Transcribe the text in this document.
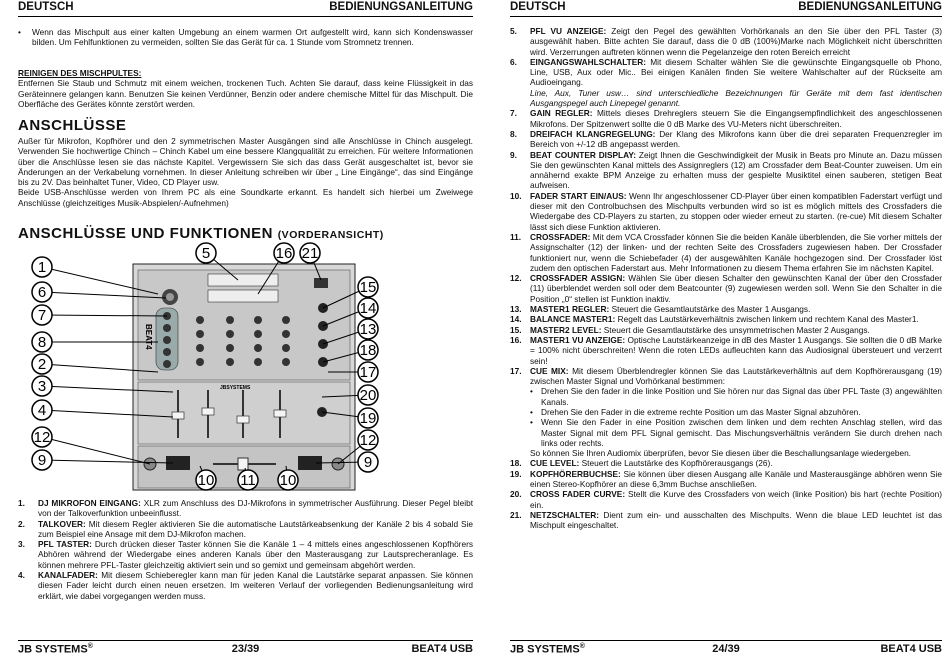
DEUTSCH	BEDIENUNGSANLEITUNG
•	Wenn das Mischpult aus einer kalten Umgebung an einem warmen Ort aufgestellt wird, kann sich Kondenswasser bilden. Um Fehlfunktionen zu vermeiden, sollten Sie das Gerät für ca. 1 Stunde vom Stromnetz trennen.
REINIGEN DES MISCHPULTES:
Entfernen Sie Staub und Schmutz mit einem weichen, trockenen Tuch. Achten Sie darauf, dass keine Flüssigkeit in das Geräteinnere gelangen kann. Benutzen Sie keinen Verdünner, Benzin oder andere chemische Mittel für das Mischpult. Die Oberfläche des Gerätes könnte zerstört werden.
ANSCHLÜSSE
Außer für Mikrofon, Kopfhörer und den 2 symmetrischen Master Ausgängen sind alle Anschlüsse in Chinch ausgelegt. Verwenden Sie hochwertige Chinch – Chinch Kabel um eine bessere Klangqualität zu erreichen. Für weitere Informationen über die Anschlüsse lesen sie das nächste Kapitel. Vergewissern Sie sich das dass Gerät ausgeschaltet ist, bevor sie Änderungen an der Verkabelung vornehmen. In dieser Anleitung schreiben wir über „ Line Eingänge“, das sind Eingänge bis zu 2V. Das beinhaltet Tuner, Video, CD Player usw.
Beide USB-Anschlüsse werden von Ihrem PC als eine Soundkarte erkannt. Es handelt sich hierbei um Zweiwege Anschlüsse (gleichzeitiges Musik-Abspielen/-Aufnehmen)
ANSCHLÜSSE UND FUNKTIONEN (VORDERANSICHT)
JBSYSTEMS
BEAT4
1
6
7
8
2
3
4
12
9
5	16 21
15
14
13
18
17
20
19
12
9
10 11 10
1. DJ MIKROFON EINGANG: XLR zum Anschluss des DJ-Mikrofons in symmetrischer Ausführung. Dieser Pegel bleibt von der Talkoverfunktion unbeeinflusst.
2. TALKOVER: Mit diesem Regler aktivieren Sie die automatische Lautstärkeabsenkung der Kanäle 2 bis 4 sobald Sie zum Beispiel eine Ansage mit dem DJ-Mikrofon machen.
3. PFL TASTER: Durch drücken dieser Taster können Sie die Kanäle 1 – 4 mittels eines angeschlossenen Kopfhörers Abhören während der Wiedergabe eines anderen Kanals über den Masterausgang zur Lautsprecheranlage. Es können mehrere PFL-Taster gleichzeitig aktiviert sein und so gemixt und gemeinsam abgehört werden.
4. KANALFADER: Mit diesem Schieberegler kann man für jeden Kanal die Lautstärke separat anpassen. Sie können diesen Fader leicht durch einen neuen ersetzen. Im weiteren Verlauf der vorliegenden Bedienungsanleitung wird erklärt, wie dabei vorgegangen werden muss.
JB SYSTEMS®	23/39	BEAT4 USB
DEUTSCH	BEDIENUNGSANLEITUNG
5. PFL VU ANZEIGE: Zeigt den Pegel des gewählten Vorhörkanals an den Sie über den PFL Taster (3) ausgewählt haben. Bitte achten Sie darauf, dass die 0 dB (100%)Marke nach Möglichkeit nicht überschritten wird. Verzerrungen auftreten können wenn die Pegelanzeige den roten Bereich erreicht
6. EINGANGSWAHLSCHALTER: Mit diesem Schalter wählen Sie die gewünschte Eingangsquelle ob Phono, Line, USB, Aux oder Mic.. Bei einigen Kanälen finden Sie weitere Wahlschalter auf der Rückseite am Audioeingang.
Line, Aux, Tuner usw… sind unterschiedliche Bezeichnungen für Geräte mit dem fast identischen Ausgangspegel auch Linepegel genannt.
7. GAIN REGLER: Mittels dieses Drehreglers steuern Sie die Eingangsempfindlichkeit des angeschlossenen Mikrofons. Der Spitzenwert sollte die 0 dB Marke des VU-Meters nicht überschreiten.
8. DREIFACH KLANGREGELUNG: Der Klang des Mikrofons kann über die drei separaten Frequenzregler im Bereich von +/-12 dB angepasst werden.
9. BEAT COUNTER DISPLAY: Zeigt Ihnen die Geschwindigkeit der Musik in Beats pro Minute an. Dazu müssen Sie den gewünschten Kanal mittels des Assignreglers (12) am Crossfader dem Beat-Counter zuweisen. Um ein annähernd exakte BPM Anzeige zu erhalten muss der gespielte Musiktitel einen sauberen, stetigen Beat aufweisen.
10. FADER START EIN/AUS: Wenn Ihr angeschlossener CD-Player über einen kompatiblen Faderstart verfügt und dieser mit den Controlbuchsen des Mischpults verbunden wird so ist es möglich mittels des Crossfaders die Wiedergabe des CD-Players zu starten, zu stoppen oder wieder erneut zu starten. (re-cue) Mit diesem Schalter lässt sich diese Funktion aktivieren.
11. CROSSFADER: Mit dem VCA Crossfader können Sie die beiden Kanäle überblenden, die Sie vorher mittels der Assignschalter (12) der linken- und der rechten Seite des Crossfaders zugewiesen haben. Der Crossfader funktioniert nur, wenn die Schiebefader (4) der ausgewählten Kanäle hochgezogen sind. Der Crossfader löst zudem den optischen Faderstart aus. Mehr Informationen zu diesem Thema erfahren Sie im nächsten Kapitel.
12. CROSSFADER ASSIGN: Wählen Sie über diesen Schalter den gewünschten Kanal der über den Crossfader (11) überblendet werden soll oder dem Beatcounter (9) zugewiesen werden soll. Wenn Sie den Schalter in die Position „0“ stellen ist Funktion inaktiv.
13. MASTER1 REGLER: Steuert die Gesamtlautstärke des Master 1 Ausgangs.
14. BALANCE MASTER1: Regelt das Lautstärkeverhältnis zwischen linkem und rechtem Kanal des Master1.
15. MASTER2 LEVEL: Steuert die Gesamtlautstärke des unsymmetrischen Master 2 Ausgangs.
16. MASTER1 VU ANZEIGE: Optische Lautstärkeanzeige in dB des Master 1 Ausgangs. Sie sollten die 0 dB Marke = 100% nicht überschreiten! Wenn die roten LEDs aufleuchten kann das Audiosignal übersteuert und verzerrt sein!
17. CUE MIX: Mit diesem Überblendregler können Sie das Lautstärkeverhältnis auf dem Kopfhörerausgang (19) zwischen Master Signal und Vorhörkanal bestimmen:
• Drehen Sie den fader in die linke Position und Sie hören nur das Signal das über PFL Taste (3) angewählten Kanals.
• Drehen Sie den Fader in die extreme rechte Position um das Master Signal abzuhören.
• Wenn Sie den Fader in eine Position zwischen dem linken und dem rechten Anschlag stellen, wird das Master Signal mit dem PFL Signal gemischt. Das Mischungsverhältnis verändern Sie durch drehen nach links oder rechts.
So können Sie Ihren Audiomix überprüfen, bevor Sie diesen über die Beschallungsanlage wiedergeben.
18. CUE LEVEL: Steuert die Lautstärke des Kopfhörerausgangs (26).
19. KOPFHÖRERBUCHSE: Sie können über diesen Ausgang alle Kanäle und Masterausgänge abhören wenn Sie einen Stereo-Kopfhörer an diese 6,3mm Buchse anschließen.
20. CROSS FADER CURVE: Stellt die Kurve des Crossfaders von weich (linke Position) bis hart (rechte Position) ein.
21. NETZSCHALTER: Dient zum ein- und ausschalten des Mischpults. Wenn die blaue LED leuchtet ist das Mischpult eingeschaltet.
JB SYSTEMS®	24/39	BEAT4 USB
